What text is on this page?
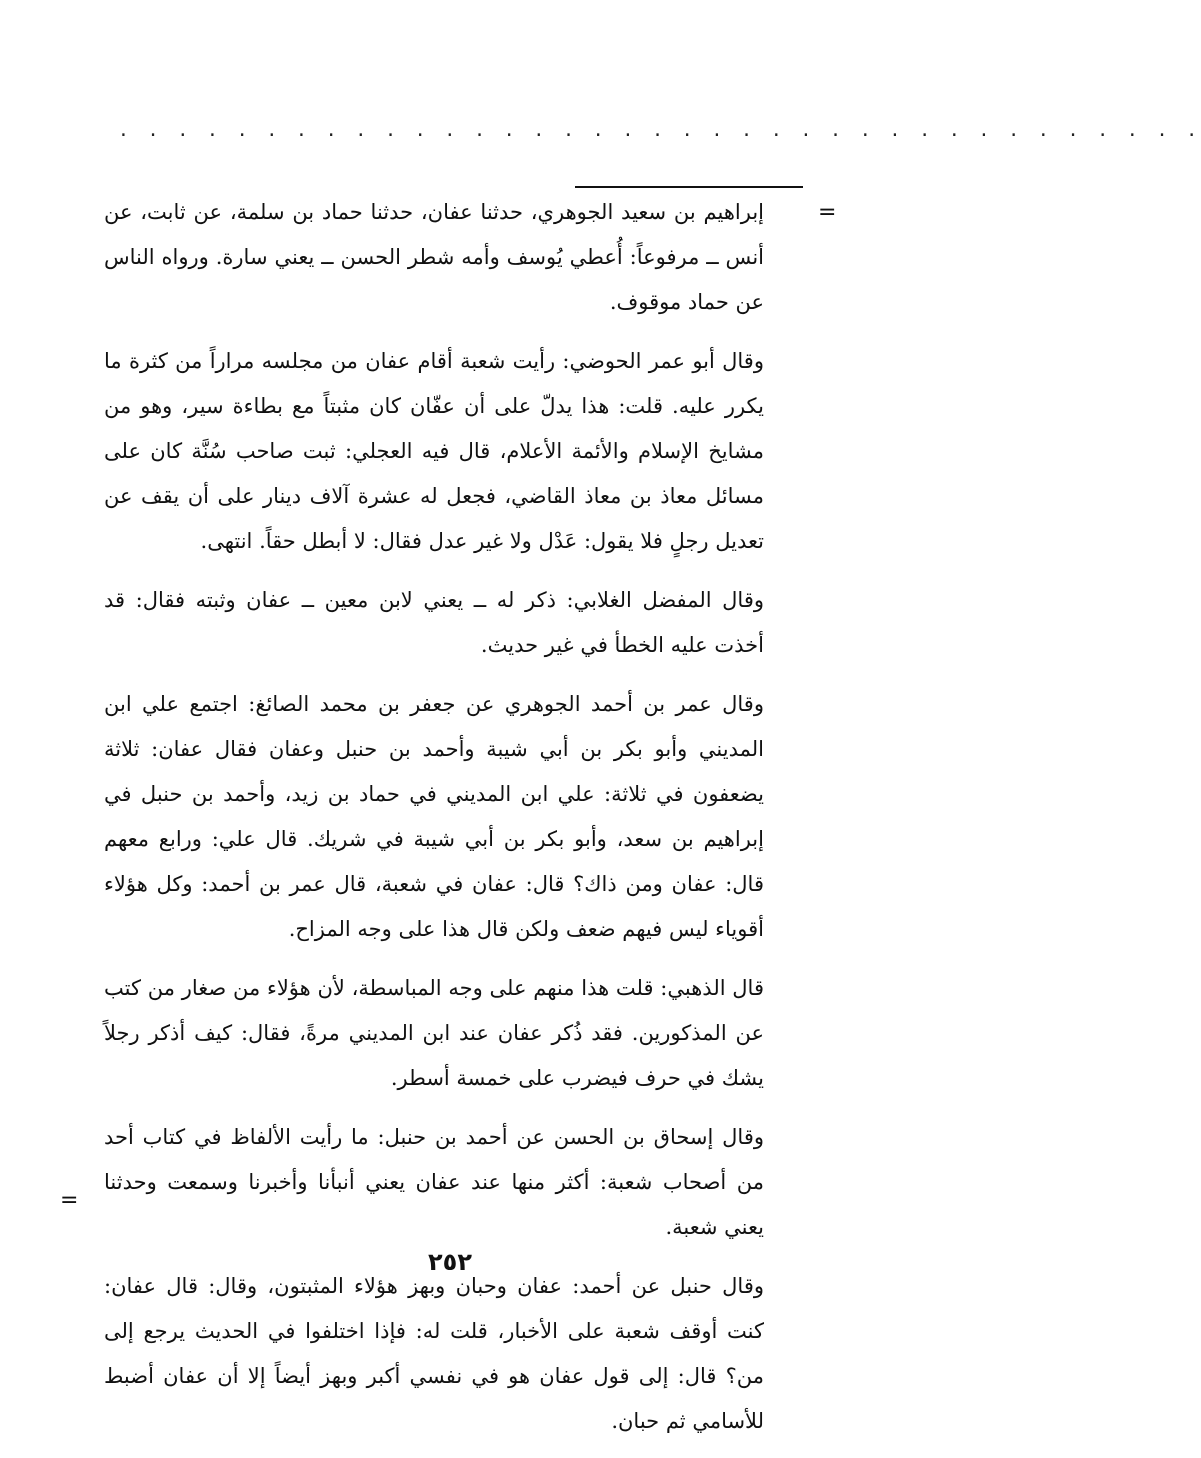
. . . . . . . . . . . . . . . . . . . . . . . . . . . . . . . . . . . . .
=

إبراهيم بن سعيد الجوهري، حدثنا عفان، حدثنا حماد بن سلمة، عن ثابت، عن أنس ــ مرفوعاً: أُعطي يُوسف وأمه شطر الحسن ــ يعني سارة. ورواه الناس عن حماد موقوف.

وقال أبو عمر الحوضي: رأيت شعبة أقام عفان من مجلسه مراراً من كثرة ما يكرر عليه. قلت: هذا يدلّ على أن عفّان كان مثبتاً مع بطاءة سير، وهو من مشايخ الإسلام والأئمة الأعلام، قال فيه العجلي: ثبت صاحب سُنَّة كان على مسائل معاذ بن معاذ القاضي، فجعل له عشرة آلاف دينار على أن يقف عن تعديل رجلٍ فلا يقول: عَدْل ولا غير عدل فقال: لا أبطل حقاً. انتهى.

وقال المفضل الغلابي: ذكر له ــ يعني لابن معين ــ عفان وثبته فقال: قد أخذت عليه الخطأ في غير حديث.

وقال عمر بن أحمد الجوهري عن جعفر بن محمد الصائغ: اجتمع علي ابن المديني وأبو بكر بن أبي شيبة وأحمد بن حنبل وعفان فقال عفان: ثلاثة يضعفون في ثلاثة: علي ابن المديني في حماد بن زيد، وأحمد بن حنبل في إبراهيم بن سعد، وأبو بكر بن أبي شيبة في شريك. قال علي: ورابع معهم قال: عفان ومن ذاك؟ قال: عفان في شعبة، قال عمر بن أحمد: وكل هؤلاء أقوياء ليس فيهم ضعف ولكن قال هذا على وجه المزاح.

قال الذهبي: قلت هذا منهم على وجه المباسطة، لأن هؤلاء من صغار من كتب عن المذكورين. فقد ذُكر عفان عند ابن المديني مرةً، فقال: كيف أذكر رجلاً يشك في حرف فيضرب على خمسة أسطر.

وقال إسحاق بن الحسن عن أحمد بن حنبل: ما رأيت الألفاظ في كتاب أحد من أصحاب شعبة: أكثر منها عند عفان يعني أنبأنا وأخبرنا وسمعت وحدثنا يعني شعبة.

وقال حنبل عن أحمد: عفان وحبان وبهز هؤلاء المثبتون، وقال: قال عفان: كنت أوقف شعبة على الأخبار، قلت له: فإذا اختلفوا في الحديث يرجع إلى من؟ قال: إلى قول عفان هو في نفسي أكبر وبهز أيضاً إلا أن عفان أضبط للأسامي ثم حبان.

=
٢٥٢
